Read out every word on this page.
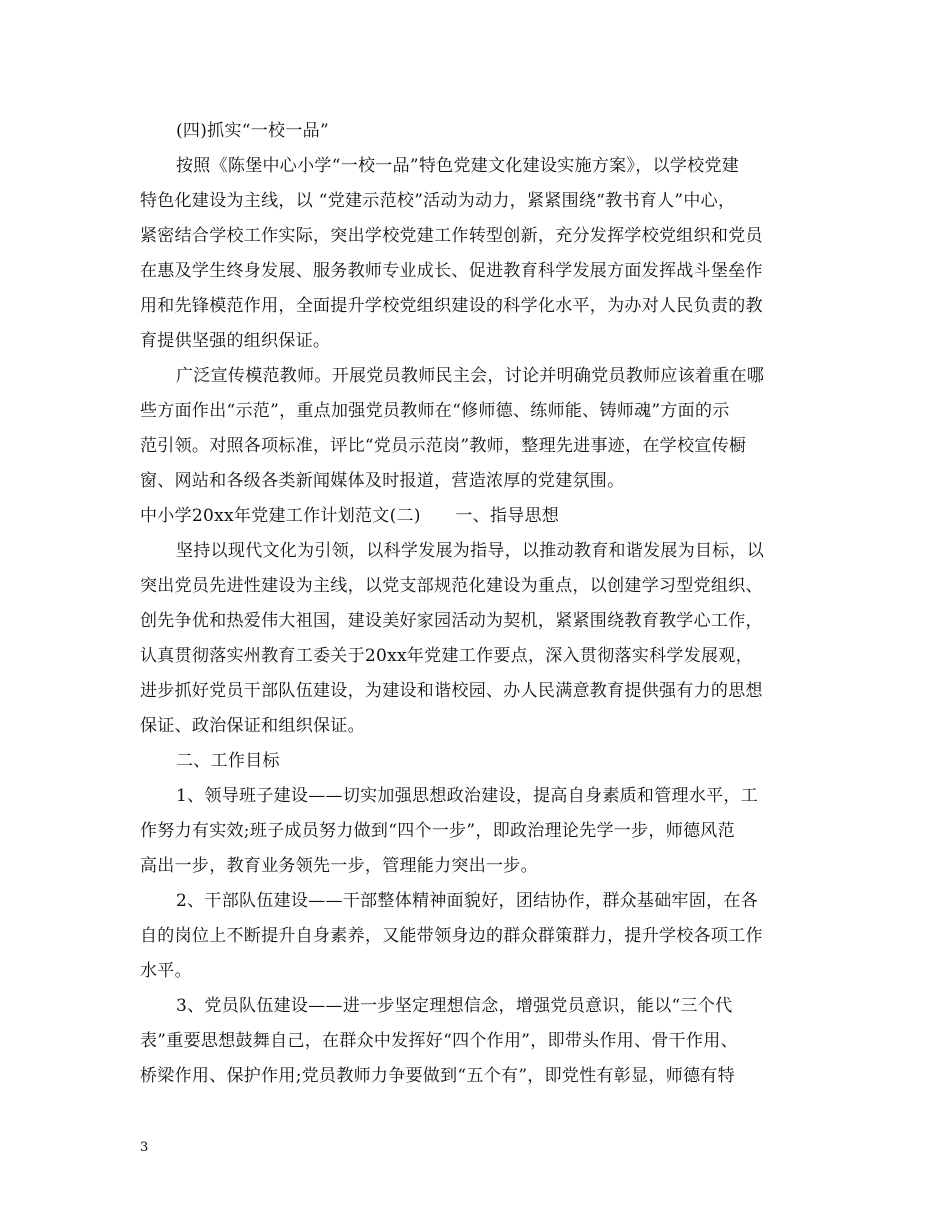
(四)抓实“一校一品”
按照《陈堡中心小学“一校一品”特色党建文化建设实施方案》，以学校党建
特色化建设为主线，以 “党建示范校”活动为动力，紧紧围绕“教书育人”中心，
紧密结合学校工作实际，突出学校党建工作转型创新，充分发挥学校党组织和党员
在惠及学生终身发展、服务教师专业成长、促进教育科学发展方面发挥战斗堡垒作
用和先锋模范作用，全面提升学校党组织建设的科学化水平，为办对人民负责的教
育提供坚强的组织保证。
广泛宣传模范教师。开展党员教师民主会，讨论并明确党员教师应该着重在哪
些方面作出“示范”，重点加强党员教师在“修师德、练师能、铸师魂”方面的示
范引领。对照各项标准，评比“党员示范岗”教师，整理先进事迹，在学校宣传橱
窗、网站和各级各类新闻媒体及时报道，营造浓厚的党建氛围。
中小学20xx年党建工作计划范文(二)　　一、指导思想
坚持以现代文化为引领，以科学发展为指导，以推动教育和谐发展为目标，以
突出党员先进性建设为主线，以党支部规范化建设为重点，以创建学习型党组织、
创先争优和热爱伟大祖国，建设美好家园活动为契机，紧紧围绕教育教学心工作，
认真贯彻落实州教育工委关于20xx年党建工作要点，深入贯彻落实科学发展观，
进步抓好党员干部队伍建设，为建设和谐校园、办人民满意教育提供强有力的思想
保证、政治保证和组织保证。
二、工作目标
1、领导班子建设——切实加强思想政治建设，提高自身素质和管理水平，工
作努力有实效;班子成员努力做到“四个一步”，即政治理论先学一步，师德风范
高出一步，教育业务领先一步，管理能力突出一步。
2、干部队伍建设——干部整体精神面貌好，团结协作，群众基础牢固，在各
自的岗位上不断提升自身素养，又能带领身边的群众群策群力，提升学校各项工作
水平。
3、党员队伍建设——进一步坚定理想信念，增强党员意识，能以“三个代
表”重要思想鼓舞自己，在群众中发挥好“四个作用”，即带头作用、骨干作用、
桥梁作用、保护作用;党员教师力争要做到“五个有”，即党性有彰显，师德有特
3
